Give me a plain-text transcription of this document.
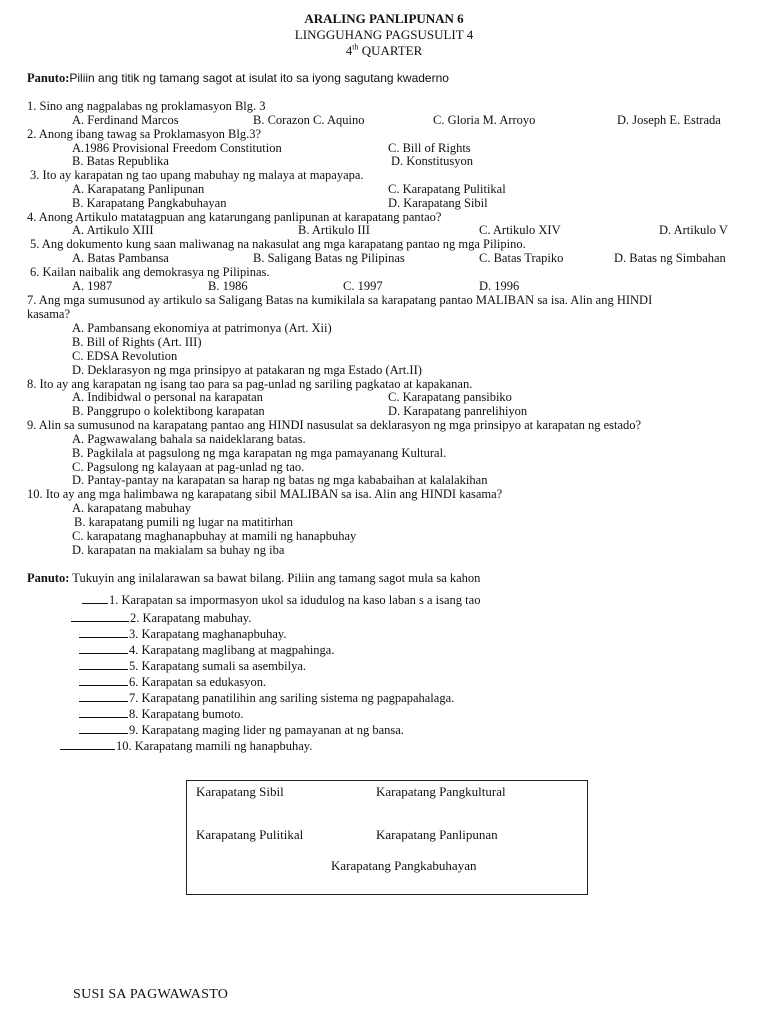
ARALING PANLIPUNAN 6
LINGGUHANG PAGSUSULIT 4
4th QUARTER
Panuto:Piliin ang titik ng tamang sagot at isulat ito sa iyong sagutang kwaderno
1. Sino ang nagpalabas ng proklamasyon Blg. 3
A. Ferdinand Marcos	B. Corazon C. Aquino	C. Gloria M. Arroyo	D. Joseph E. Estrada
2. Anong ibang tawag sa Proklamasyon Blg.3?
A.1986 Provisional Freedom Constitution	C. Bill of Rights
B. Batas Republika	D. Konstitusyon
3. Ito ay karapatan ng tao upang mabuhay ng malaya at mapayapa.
A. Karapatang Panlipunan	C. Karapatang Pulitikal
B. Karapatang Pangkabuhayan	D. Karapatang Sibil
4. Anong Artikulo matatagpuan ang katarungang panlipunan at karapatang pantao?
A. Artikulo XIII	B. Artikulo III	C. Artikulo XIV	D. Artikulo V
5. Ang dokumento kung saan maliwanag na nakasulat ang mga karapatang pantao ng mga Pilipino.
A. Batas Pambansa	B. Saligang Batas ng Pilipinas	C. Batas Trapiko	D. Batas ng Simbahan
6. Kailan naibalik ang demokrasya ng Pilipinas.
A. 1987	B. 1986	C. 1997	D. 1996
7. Ang mga sumusunod ay artikulo sa Saligang Batas na kumikilala sa karapatang pantao MALIBAN sa isa. Alin ang HINDI
kasama?
A. Pambansang ekonomiya at patrimonya (Art. Xii)
B. Bill of Rights (Art. III)
C. EDSA Revolution
D. Deklarasyon ng mga prinsipyo at patakaran ng mga Estado (Art.II)
8. Ito ay ang karapatan ng isang tao para sa pag-unlad ng sariling pagkatao at kapakanan.
A. Indibidwal o personal na karapatan	C. Karapatang pansibiko
B. Panggrupo o kolektibong karapatan	D. Karapatang panrelihiyon
9. Alin sa sumusunod na karapatang pantao ang HINDI nasusulat sa deklarasyon ng mga prinsipyo at karapatan ng estado?
A. Pagwawalang bahala sa naideklarang batas.
B. Pagkilala at pagsulong ng mga karapatan ng mga pamayanang Kultural.
C. Pagsulong ng kalayaan at pag-unlad ng tao.
D. Pantay-pantay na karapatan sa harap ng batas ng mga kababaihan at kalalakihan
10. Ito ay ang mga halimbawa ng karapatang sibil MALIBAN sa isa. Alin ang HINDI kasama?
A. karapatang mabuhay
B. karapatang pumili ng lugar na matitirhan
C. karapatang maghanapbuhay at mamili ng hanapbuhay
D. karapatan na makialam sa buhay ng iba
Panuto: Tukuyin ang inilalarawan sa bawat bilang. Piliin ang tamang sagot mula sa kahon
1. Karapatan sa impormasyon ukol sa idudulog na kaso laban s a isang tao
2. Karapatang mabuhay.
3. Karapatang maghanapbuhay.
4. Karapatang maglibang at magpahinga.
5. Karapatang sumali sa asembilya.
6. Karapatan sa edukasyon.
7. Karapatang panatilihin ang sariling sistema ng pagpapahalaga.
8. Karapatang bumoto.
9. Karapatang maging lider ng pamayanan at ng bansa.
10. Karapatang mamili ng hanapbuhay.
Karapatang Sibil	Karapatang Pangkultural
Karapatang Pulitikal	Karapatang Panlipunan
Karapatang Pangkabuhayan
SUSI SA PAGWAWASTO
